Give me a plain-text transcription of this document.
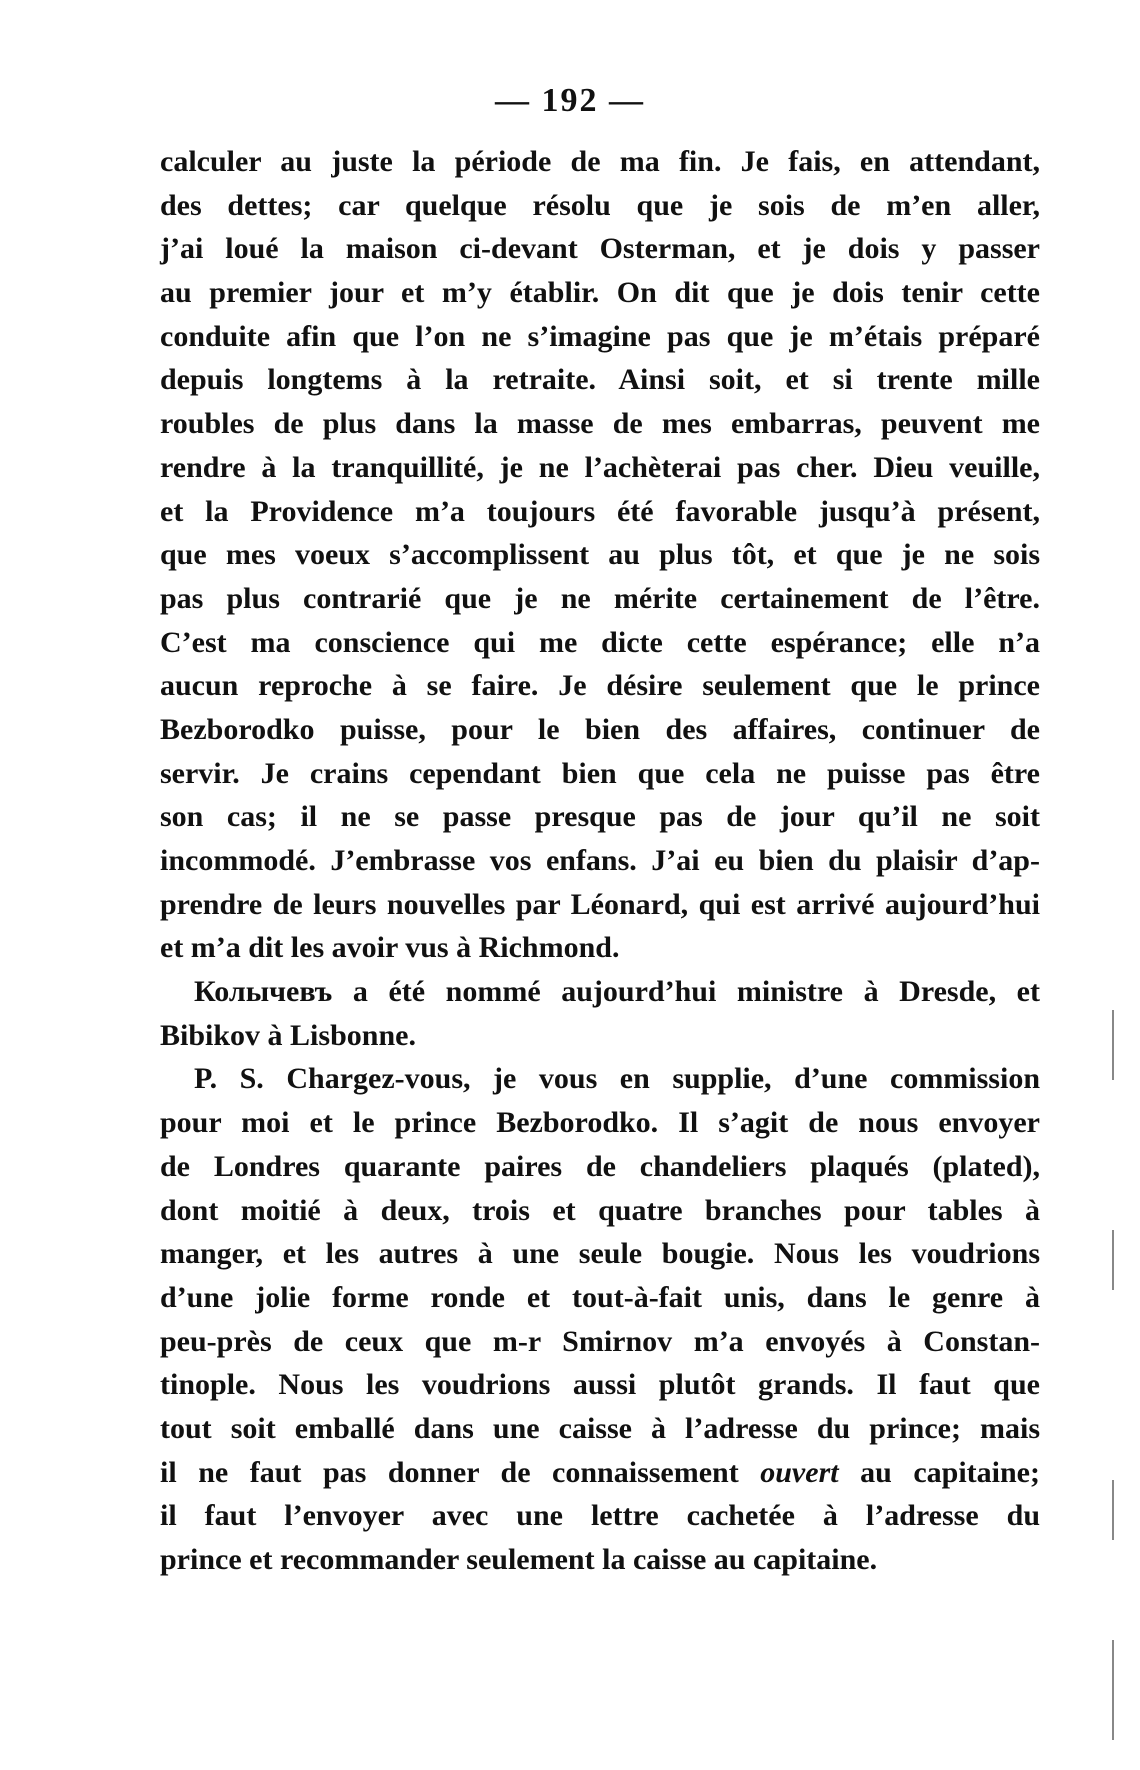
— 192 —
calculer au juste la période de ma fin. Je fais, en attendant,
des dettes; car quelque résolu que je sois de m’en aller,
j’ai loué la maison ci-devant Osterman, et je dois y passer
au premier jour et m’y établir. On dit que je dois tenir cette
conduite afin que l’on ne s’imagine pas que je m’étais préparé
depuis longtems à la retraite. Ainsi soit, et si trente mille
roubles de plus dans la masse de mes embarras, peuvent me
rendre à la tranquillité, je ne l’achèterai pas cher. Dieu veuille,
et la Providence m’a toujours été favorable jusqu’à présent,
que mes voeux s’accomplissent au plus tôt, et que je ne sois
pas plus contrarié que je ne mérite certainement de l’être.
C’est ma conscience qui me dicte cette espérance; elle n’a
aucun reproche à se faire. Je désire seulement que le prince
Bezborodko puisse, pour le bien des affaires, continuer de
servir. Je crains cependant bien que cela ne puisse pas être
son cas; il ne se passe presque pas de jour qu’il ne soit
incommodé. J’embrasse vos enfans. J’ai eu bien du plaisir d’ap-
prendre de leurs nouvelles par Léonard, qui est arrivé aujourd’hui
et m’a dit les avoir vus à Richmond.
Колычевъ a été nommé aujourd’hui ministre à Dresde, et
Bibikov à Lisbonne.
P. S. Chargez-vous, je vous en supplie, d’une commission
pour moi et le prince Bezborodko. Il s’agit de nous envoyer
de Londres quarante paires de chandeliers plaqués (plated),
dont moitié à deux, trois et quatre branches pour tables à
manger, et les autres à une seule bougie. Nous les voudrions
d’une jolie forme ronde et tout-à-fait unis, dans le genre à
peu-près de ceux que m-r Smirnov m’a envoyés à Constan-
tinople. Nous les voudrions aussi plutôt grands. Il faut que
tout soit emballé dans une caisse à l’adresse du prince; mais
il ne faut pas donner de connaissement ouvert au capitaine;
il faut l’envoyer avec une lettre cachetée à l’adresse du
prince et recommander seulement la caisse au capitaine.
